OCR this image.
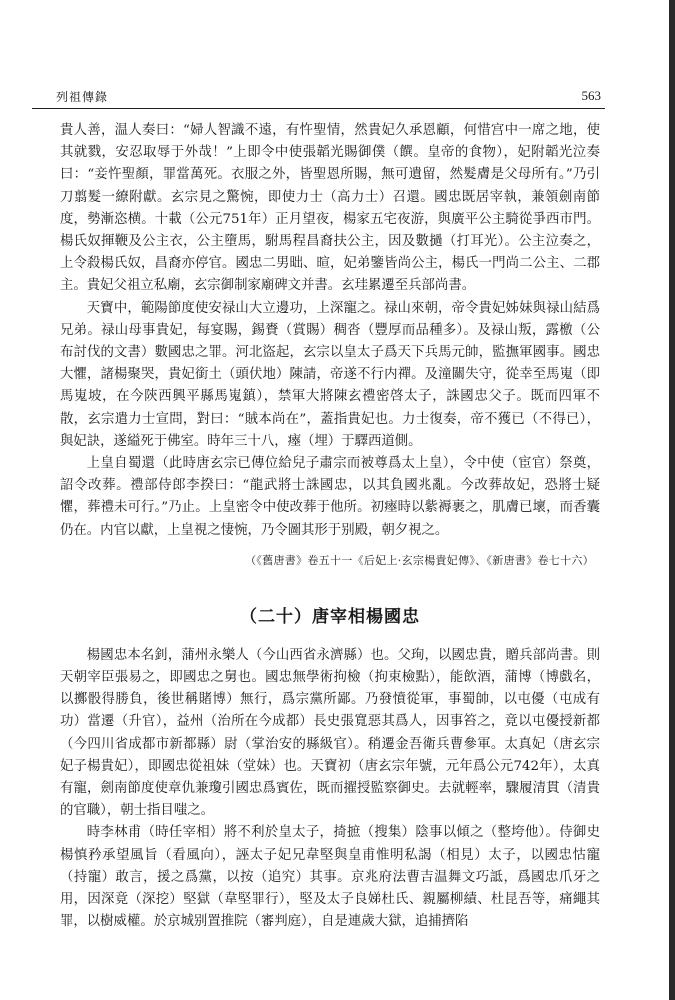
列祖傳錄	563

貴人善，温人奏曰：“婦人智識不遠，有忤聖情，然貴妃久承恩顧，何惜宫中一席之地，使其就戮，安忍取辱于外哉！”上即令中使張韜光賜御僕（饌。皇帝的食物），妃附韜光泣奏曰：“妾忤聖顏，罪當萬死。衣服之外，皆聖恩所賜，無可遺留，然髮膚是父母所有。”乃引刀翦髮一繚附獻。玄宗見之驚惋，即使力士（高力士）召還。國忠既居宰執，兼領劍南節度，勢漸恣横。十載（公元751年）正月望夜，楊家五宅夜游，與廣平公主騎從爭西市門。楊氏奴揮鞭及公主衣，公主墮馬，駙馬程昌裔扶公主，因及數撾（打耳光）。公主泣奏之，上令殺楊氏奴，昌裔亦停官。國忠二男昢、暄，妃弟鑒皆尚公主，楊氏一門尚二公主、二郡主。貴妃父祖立私廟，玄宗御制家廟碑文并書。玄珪累遷至兵部尚書。

天寶中，範陽節度使安禄山大立邊功，上深寵之。禄山來朝，帝令貴妃姊妹與禄山結爲兄弟。禄山母事貴妃，每宴賜，錫賚（賞賜）稠沓（豐厚而品種多）。及禄山叛，露檄（公布討伐的文書）數國忠之罪。河北盜起，玄宗以皇太子爲天下兵馬元帥，監撫軍國事。國忠大懼，諸楊聚哭，貴妃銜土（頭伏地）陳請，帝遂不行内禪。及潼關失守，從幸至馬嵬（即馬嵬坡，在今陝西興平縣馬嵬鎮），禁軍大將陳玄禮密啓太子，誅國忠父子。既而四軍不散，玄宗遣力士宣問，對曰：“賊本尚在”，蓋指貴妃也。力士復奏，帝不獲已（不得已），與妃訣，遂縊死于佛室。時年三十八，瘞（埋）于驛西道側。

上皇自蜀還（此時唐玄宗已傳位給兒子肅宗而被尊爲太上皇），令中使（宦官）祭奠，詔令改葬。禮部侍郎李揆曰：“龍武將士誅國忠，以其負國兆亂。今改葬故妃，恐將士疑懼，葬禮未可行。”乃止。上皇密令中使改葬于他所。初瘞時以紫褥裹之，肌膚已壞，而香囊仍在。内官以獻，上皇視之悽惋，乃令圖其形于别殿，朝夕視之。

（《舊唐書》卷五十一《后妃上·玄宗楊貴妃傳》、《新唐書》卷七十六）
（二十）唐宰相楊國忠

楊國忠本名釗，蒲州永樂人（今山西省永濟縣）也。父珣，以國忠貴，贈兵部尚書。則天朝宰臣張易之，即國忠之舅也。國忠無學術拘檢（拘束檢點），能飲酒，蒲博（博戲名，以擲骰得勝負，後世稱賭博）無行，爲宗黨所鄙。乃發憤從軍，事蜀帥，以屯優（屯成有功）當遷（升官），益州（治所在今成都）長史張寬惡其爲人，因事笞之，竟以屯優授新都（今四川省成都市新都縣）尉（掌治安的縣級官）。稍遷金吾衛兵曹參軍。太真妃（唐玄宗妃子楊貴妃），即國忠從祖妹（堂妹）也。天寶初（唐玄宗年號，元年爲公元742年），太真有寵，劍南節度使章仇兼瓊引國忠爲賓佐，既而擢授監察御史。去就輕率，驟履清貫（清貴的官職），朝士指目嗤之。

時李林甫（時任宰相）將不利於皇太子，掎摭（搜集）陰事以傾之（整垮他）。侍御史楊慎矜承望風旨（看風向），誣太子妃兄韋堅與皇甫惟明私謁（相見）太子，以國忠怙寵（持寵）敢言，援之爲黨，以按（追究）其事。京兆府法曹吉温舞文巧詆，爲國忠爪牙之用，因深竟（深挖）堅獄（韋堅罪行），堅及太子良娣杜氏、親屬柳績、杜昆吾等，痛繩其罪，以樹威權。於京城别置推院（審判庭），自是連歲大獄，追捕擠陷
